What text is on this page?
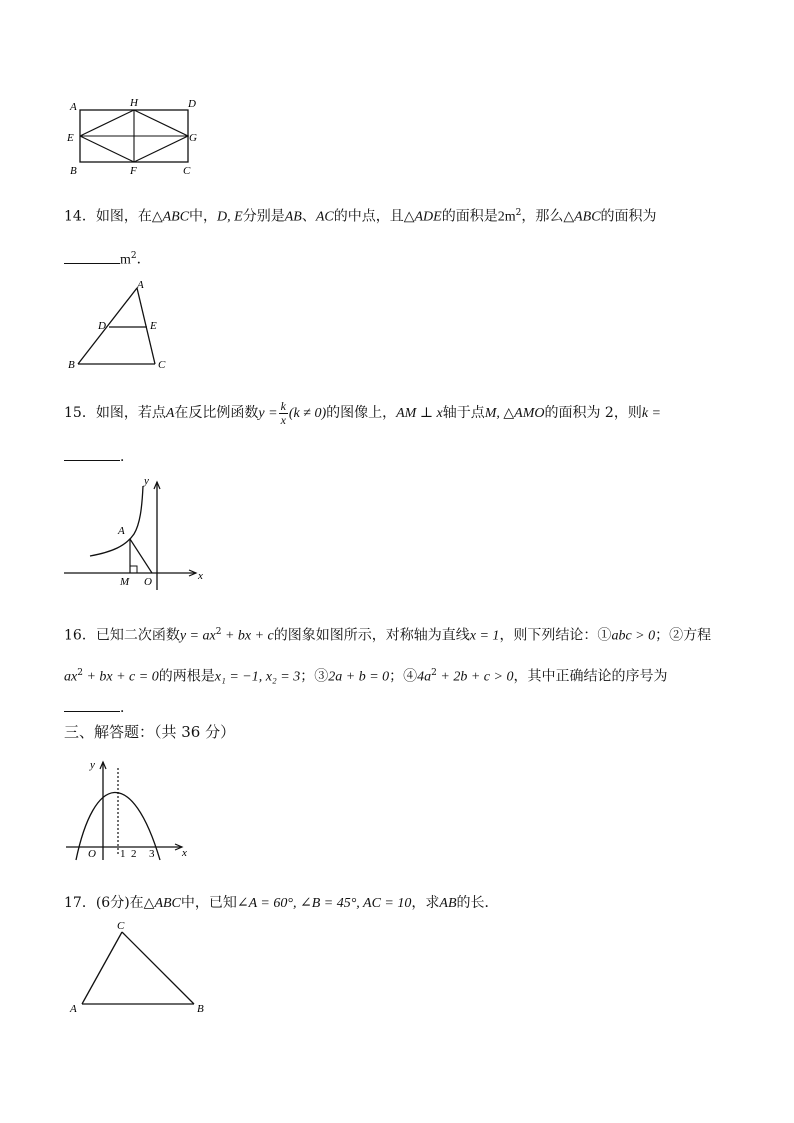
A	H	D
E	G
B	F	C
14．如图，在△ABC中，D, E分别是AB、AC的中点，且△ADE的面积是$2m^2$，那么△ABC的面积为
$m^2$．
A
D	E
B	C
15．如图，若点A在反比例函数$y = \frac{k}{x} (k \ne 0)$的图像上，AM ⊥ x轴于点M, △AMO的面积为 2，则k =
．
y
A
M O	x
16．已知二次函数$y = ax^2$ + bx + c的图象如图所示，对称轴为直线x = 1，则下列结论：①abc > 0；②方程
$ax^2$ + bx + c = 0的两根是x₁ = −1, x₂ = 3；③2a + b = 0；$④4a^2 + 2b + c > 0$，其中正确结论的序号为
．
三、解答题：（共 36 分）
y
O 1 2 3	x
17．(6分)在△ABC中，已知∠A = 60°, ∠B = 45°, AC = 10，求AB的长．
C
A	B
